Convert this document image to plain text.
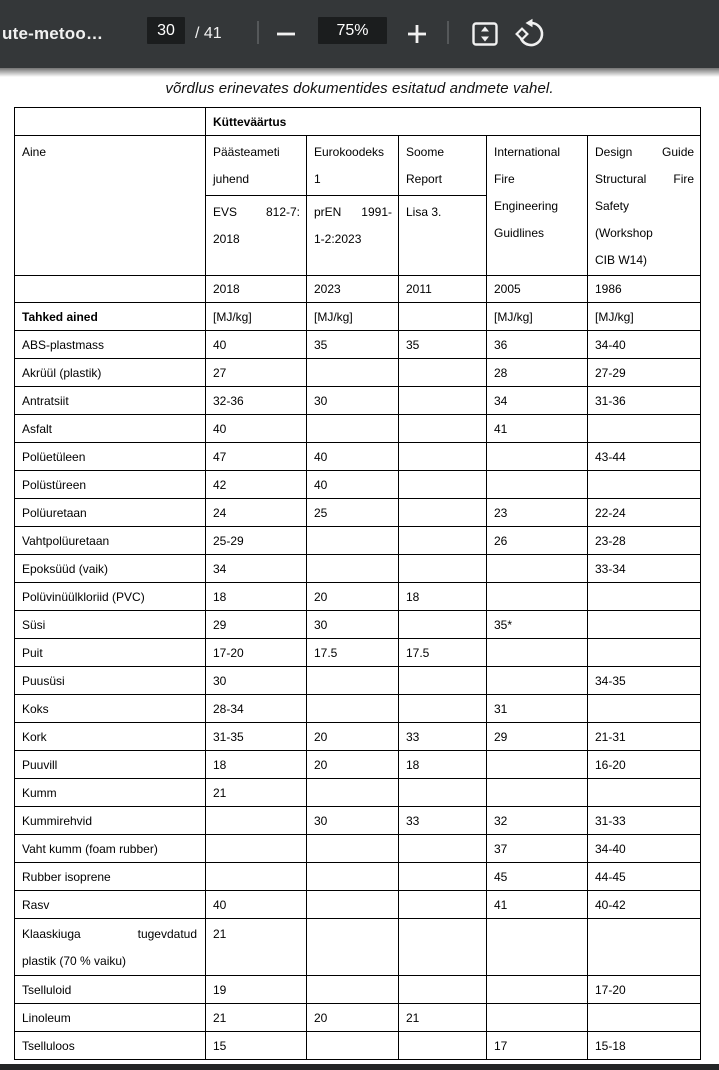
ute-metoo…	30	/ 41	75%
võrdlus erinevates dokumentides esitatud andmete vahel.
	Kütteväärtus				

Aine	Päästeameti
juhend
EVS 812-7:
2018

Eurokoodeks
1
prEN 1991-
1-2:2023

Soome
Report
Lisa 3.

International
Fire
Engineering
Guidlines

Design Guide
Structural Fire
Safety
(Workshop
CIB W14)

	2018	2023	2011	2005	1986
Tahked ained	[MJ/kg]	[MJ/kg]		[MJ/kg]	[MJ/kg]
ABS-plastmass	40	35	35	36	34-40
Akrüül (plastik)	27			28	27-29
Antratsiit	32-36	30		34	31-36
Asfalt	40			41	
Polüetüleen	47	40			43-44
Polüstüreen	42	40			
Polüuretaan	24	25		23	22-24
Vahtpolüuretaan	25-29			26	23-28
Epoksüüd (vaik)	34				33-34
Polüvinüülkloriid (PVC)	18	20	18		
Süsi	29	30		35*	
Puit	17-20	17.5	17.5		
Puusüsi	30				34-35
Koks	28-34			31	
Kork	31-35	20	33	29	21-31
Puuvill	18	20	18		16-20
Kumm	21				
Kummirehvid		30	33	32	31-33
Vaht kumm (foam rubber)				37	34-40
Rubber isoprene				45	44-45
Rasv	40			41	40-42

Klaaskiuga tugevdatud
plastik (70 % vaiku)	21				
Tselluloid	19				17-20
Linoleum	21	20	21		
Tselluloos	15			17	15-18
